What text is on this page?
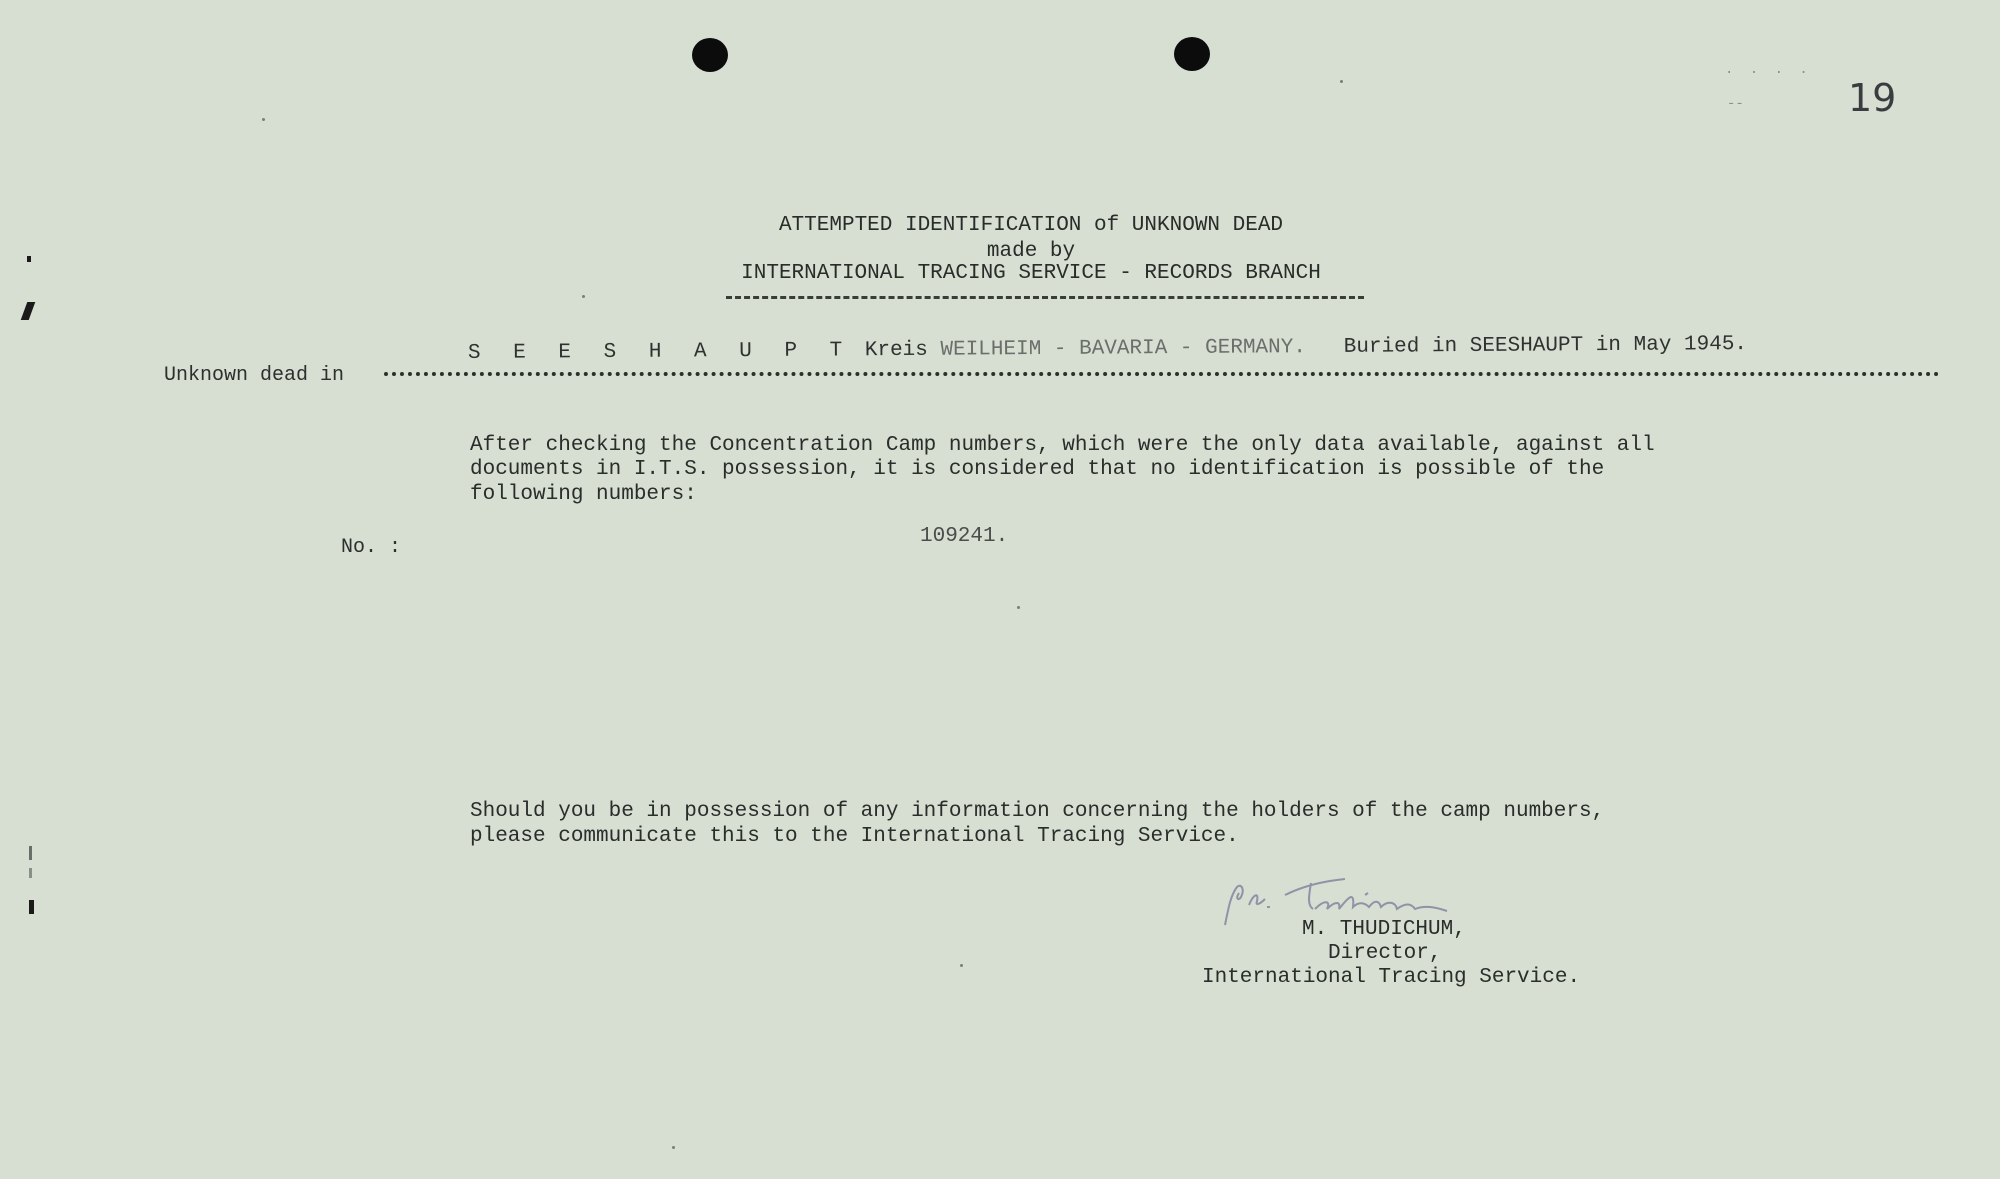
. . . .
--	19
ATTEMPTED IDENTIFICATION of UNKNOWN DEAD
made by
INTERNATIONAL TRACING SERVICE - RECORDS BRANCH
Unknown dead in
S E E S H A U P T Kreis WEILHEIM - BAVARIA - GERMANY. Buried in SEESHAUPT in May 1945.
After checking the Concentration Camp numbers, which were the only data available, against all
documents in I.T.S. possession, it is considered that no identification is possible of the
following numbers:
No. :	109241.
Should you be in possession of any information concerning the holders of the camp numbers,
please communicate this to the International Tracing Service.
M. THUDICHUM,
Director,
International Tracing Service.
